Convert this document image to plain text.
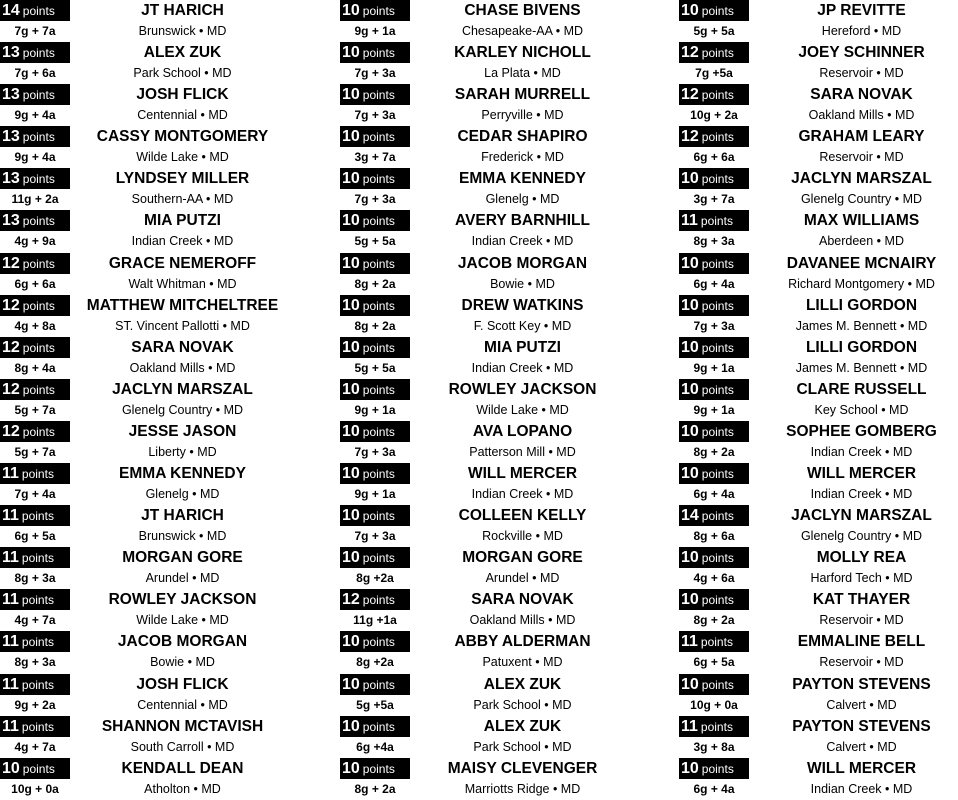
14 points	JT HARICH
7g + 7a	Brunswick • MD
13 points	ALEX ZUK
7g + 6a	Park School • MD
13 points	JOSH FLICK
9g + 4a	Centennial • MD
13 points	CASSY MONTGOMERY
9g + 4a	Wilde Lake • MD
13 points	LYNDSEY MILLER
11g + 2a	Southern-AA • MD
13 points	MIA PUTZI
4g + 9a	Indian Creek • MD
12 points	GRACE NEMEROFF
6g + 6a	Walt Whitman • MD
12 points	MATTHEW MITCHELTREE
4g + 8a	ST. Vincent Pallotti • MD
12 points	SARA NOVAK
8g + 4a	Oakland Mills • MD
12 points	JACLYN MARSZAL
5g + 7a	Glenelg Country • MD
12 points	JESSE JASON
5g + 7a	Liberty • MD
11 points	EMMA KENNEDY
7g + 4a	Glenelg • MD
11 points	JT HARICH
6g + 5a	Brunswick • MD
11 points	MORGAN GORE
8g + 3a	Arundel • MD
11 points	ROWLEY JACKSON
4g + 7a	Wilde Lake • MD
11 points	JACOB MORGAN
8g + 3a	Bowie • MD
11 points	JOSH FLICK
9g + 2a	Centennial • MD
11 points	SHANNON MCTAVISH
4g + 7a	South Carroll • MD
10 points	KENDALL DEAN
10g + 0a	Atholton • MD
10 points	CHASE BIVENS
9g + 1a	Chesapeake-AA • MD
10 points	KARLEY NICHOLL
7g + 3a	La Plata • MD
10 points	SARAH MURRELL
7g + 3a	Perryville • MD
10 points	CEDAR SHAPIRO
3g + 7a	Frederick • MD
10 points	EMMA KENNEDY
7g + 3a	Glenelg • MD
10 points	AVERY BARNHILL
5g + 5a	Indian Creek • MD
10 points	JACOB MORGAN
8g + 2a	Bowie • MD
10 points	DREW WATKINS
8g + 2a	F. Scott Key • MD
10 points	MIA PUTZI
5g + 5a	Indian Creek • MD
10 points	ROWLEY JACKSON
9g + 1a	Wilde Lake • MD
10 points	AVA LOPANO
7g + 3a	Patterson Mill • MD
10 points	WILL MERCER
9g + 1a	Indian Creek • MD
10 points	COLLEEN KELLY
7g + 3a	Rockville • MD
10 points	MORGAN GORE
8g +2a	Arundel • MD
12 points	SARA NOVAK
11g +1a	Oakland Mills • MD
10 points	ABBY ALDERMAN
8g +2a	Patuxent • MD
10 points	ALEX ZUK
5g +5a	Park School • MD
10 points	ALEX ZUK
6g +4a	Park School • MD
10 points	MAISY CLEVENGER
8g + 2a	Marriotts Ridge • MD
10 points	JP REVITTE
5g + 5a	Hereford • MD
12 points	JOEY SCHINNER
7g +5a	Reservoir • MD
12 points	SARA NOVAK
10g + 2a	Oakland Mills • MD
12 points	GRAHAM LEARY
6g + 6a	Reservoir • MD
10 points	JACLYN MARSZAL
3g + 7a	Glenelg Country • MD
11 points	MAX WILLIAMS
8g + 3a	Aberdeen • MD
10 points	DAVANEE MCNAIRY
6g + 4a	Richard Montgomery • MD
10 points	LILLI GORDON
7g + 3a	James M. Bennett • MD
10 points	LILLI GORDON
9g + 1a	James M. Bennett • MD
10 points	CLARE RUSSELL
9g + 1a	Key School • MD
10 points	SOPHEE GOMBERG
8g + 2a	Indian Creek • MD
10 points	WILL MERCER
6g + 4a	Indian Creek • MD
14 points	JACLYN MARSZAL
8g + 6a	Glenelg Country • MD
10 points	MOLLY REA
4g + 6a	Harford Tech • MD
10 points	KAT THAYER
8g + 2a	Reservoir • MD
11 points	EMMALINE BELL
6g + 5a	Reservoir • MD
10 points	PAYTON STEVENS
10g + 0a	Calvert • MD
11 points	PAYTON STEVENS
3g + 8a	Calvert • MD
10 points	WILL MERCER
6g + 4a	Indian Creek • MD
